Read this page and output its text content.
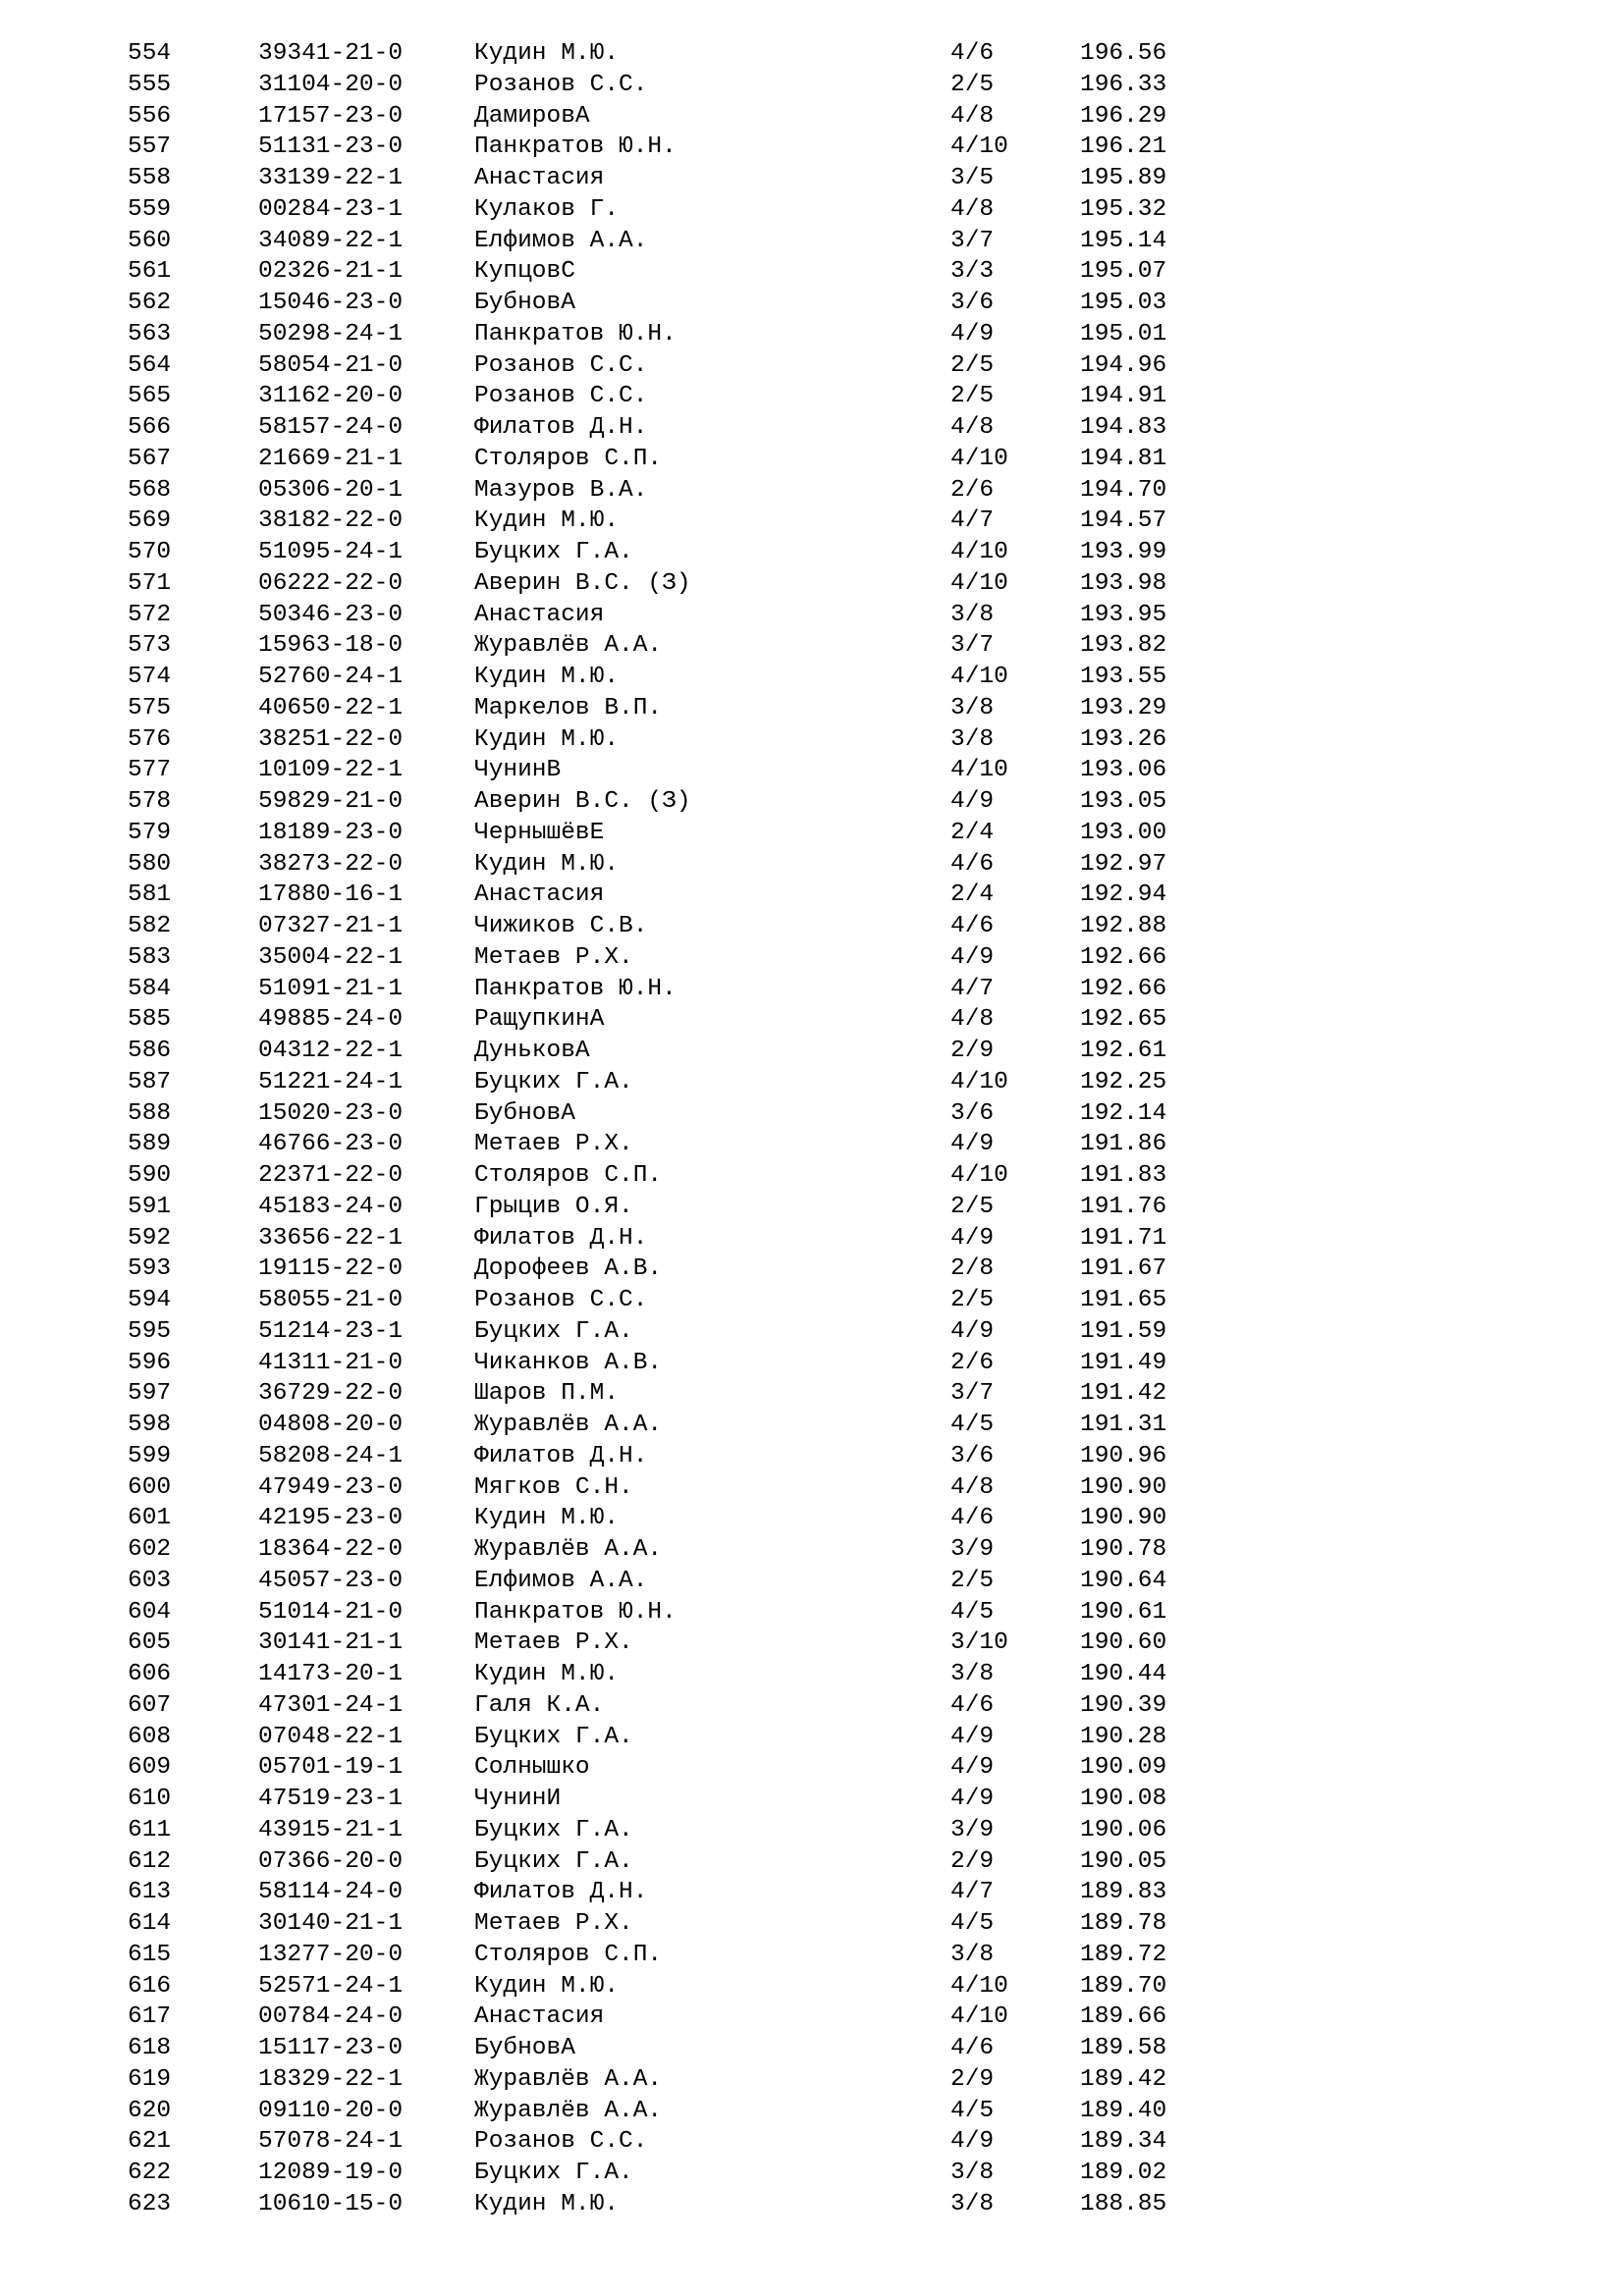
554	39341-21-0	Кудин М.Ю.	4/6	196.56
555	31104-20-0	Розанов С.С.	2/5	196.33
556	17157-23-0	ДамировА	4/8	196.29
557	51131-23-0	Панкратов Ю.Н.	4/10	196.21
558	33139-22-1	Анастасия	3/5	195.89
559	00284-23-1	Кулаков Г.	4/8	195.32
560	34089-22-1	Елфимов А.А.	3/7	195.14
561	02326-21-1	КупцовС	3/3	195.07
562	15046-23-0	БубновА	3/6	195.03
563	50298-24-1	Панкратов Ю.Н.	4/9	195.01
564	58054-21-0	Розанов С.С.	2/5	194.96
565	31162-20-0	Розанов С.С.	2/5	194.91
566	58157-24-0	Филатов Д.Н.	4/8	194.83
567	21669-21-1	Столяров С.П.	4/10	194.81
568	05306-20-1	Мазуров В.А.	2/6	194.70
569	38182-22-0	Кудин М.Ю.	4/7	194.57
570	51095-24-1	Буцких Г.А.	4/10	193.99
571	06222-22-0	Аверин В.С. (З)	4/10	193.98
572	50346-23-0	Анастасия	3/8	193.95
573	15963-18-0	Журавлёв А.А.	3/7	193.82
574	52760-24-1	Кудин М.Ю.	4/10	193.55
575	40650-22-1	Маркелов В.П.	3/8	193.29
576	38251-22-0	Кудин М.Ю.	3/8	193.26
577	10109-22-1	ЧунинВ	4/10	193.06
578	59829-21-0	Аверин В.С. (З)	4/9	193.05
579	18189-23-0	ЧернышёвЕ	2/4	193.00
580	38273-22-0	Кудин М.Ю.	4/6	192.97
581	17880-16-1	Анастасия	2/4	192.94
582	07327-21-1	Чижиков С.В.	4/6	192.88
583	35004-22-1	Метаев Р.Х.	4/9	192.66
584	51091-21-1	Панкратов Ю.Н.	4/7	192.66
585	49885-24-0	РащупкинА	4/8	192.65
586	04312-22-1	ДуньковА	2/9	192.61
587	51221-24-1	Буцких Г.А.	4/10	192.25
588	15020-23-0	БубновА	3/6	192.14
589	46766-23-0	Метаев Р.Х.	4/9	191.86
590	22371-22-0	Столяров С.П.	4/10	191.83
591	45183-24-0	Грыцив О.Я.	2/5	191.76
592	33656-22-1	Филатов Д.Н.	4/9	191.71
593	19115-22-0	Дорофеев А.В.	2/8	191.67
594	58055-21-0	Розанов С.С.	2/5	191.65
595	51214-23-1	Буцких Г.А.	4/9	191.59
596	41311-21-0	Чиканков А.В.	2/6	191.49
597	36729-22-0	Шаров П.М.	3/7	191.42
598	04808-20-0	Журавлёв А.А.	4/5	191.31
599	58208-24-1	Филатов Д.Н.	3/6	190.96
600	47949-23-0	Мягков С.Н.	4/8	190.90
601	42195-23-0	Кудин М.Ю.	4/6	190.90
602	18364-22-0	Журавлёв А.А.	3/9	190.78
603	45057-23-0	Елфимов А.А.	2/5	190.64
604	51014-21-0	Панкратов Ю.Н.	4/5	190.61
605	30141-21-1	Метаев Р.Х.	3/10	190.60
606	14173-20-1	Кудин М.Ю.	3/8	190.44
607	47301-24-1	Галя К.А.	4/6	190.39
608	07048-22-1	Буцких Г.А.	4/9	190.28
609	05701-19-1	Солнышко	4/9	190.09
610	47519-23-1	ЧунинИ	4/9	190.08
611	43915-21-1	Буцких Г.А.	3/9	190.06
612	07366-20-0	Буцких Г.А.	2/9	190.05
613	58114-24-0	Филатов Д.Н.	4/7	189.83
614	30140-21-1	Метаев Р.Х.	4/5	189.78
615	13277-20-0	Столяров С.П.	3/8	189.72
616	52571-24-1	Кудин М.Ю.	4/10	189.70
617	00784-24-0	Анастасия	4/10	189.66
618	15117-23-0	БубновА	4/6	189.58
619	18329-22-1	Журавлёв А.А.	2/9	189.42
620	09110-20-0	Журавлёв А.А.	4/5	189.40
621	57078-24-1	Розанов С.С.	4/9	189.34
622	12089-19-0	Буцких Г.А.	3/8	189.02
623	10610-15-0	Кудин М.Ю.	3/8	188.85
